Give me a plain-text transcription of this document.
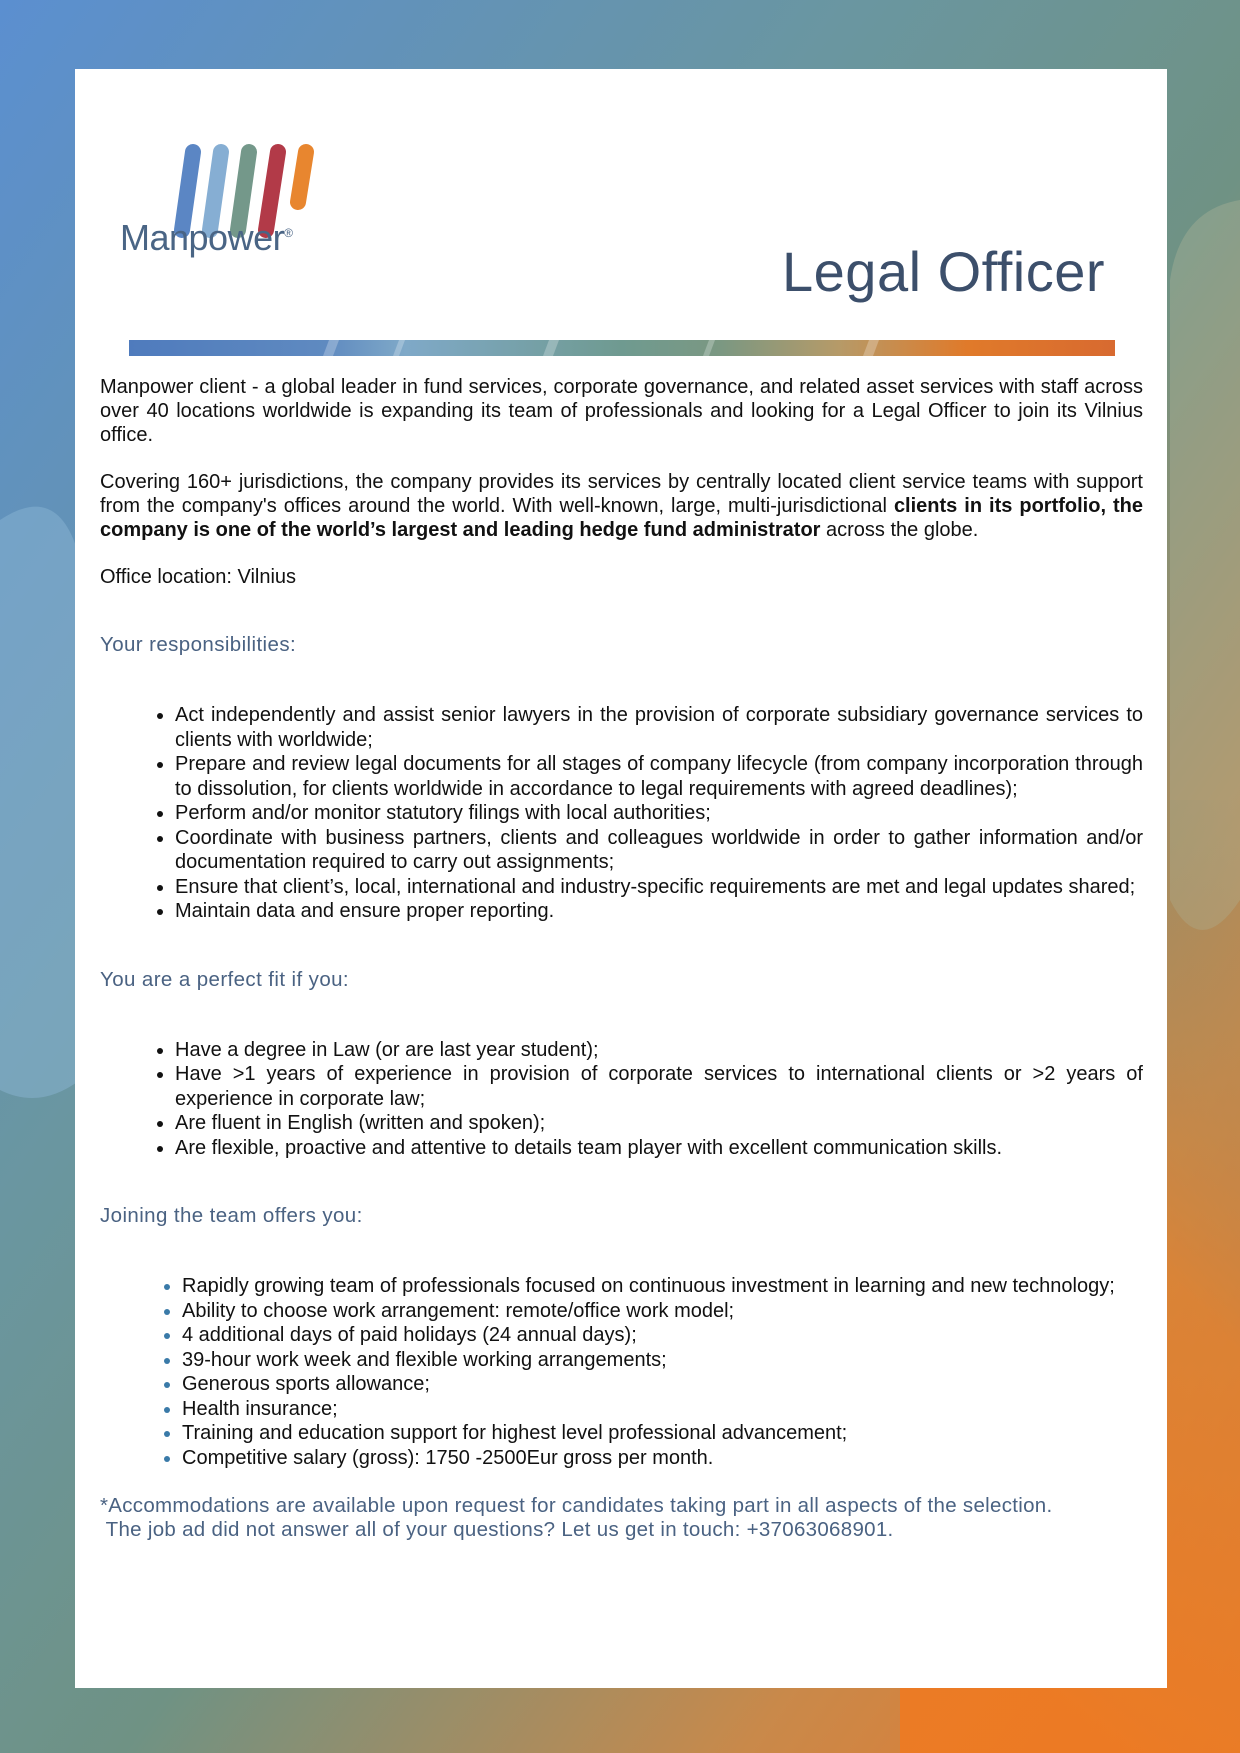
Manpower®
Legal Officer

Manpower client - a global leader in fund services, corporate governance, and related asset services with staff across over 40 locations worldwide is expanding its team of professionals and looking for a Legal Officer to join its Vilnius office.

Covering 160+ jurisdictions, the company provides its services by centrally located client service teams with support from the company's offices around the world. With well-known, large, multi-jurisdictional clients in its portfolio, the company is one of the world’s largest and leading hedge fund administrator across the globe.

Office location: Vilnius

Your responsibilities:
• Act independently and assist senior lawyers in the provision of corporate subsidiary governance services to clients with worldwide;
• Prepare and review legal documents for all stages of company lifecycle (from company incorporation through to dissolution, for clients worldwide in accordance to legal requirements with agreed deadlines);
• Perform and/or monitor statutory filings with local authorities;
• Coordinate with business partners, clients and colleagues worldwide in order to gather information and/or documentation required to carry out assignments;
• Ensure that client’s, local, international and industry-specific requirements are met and legal updates shared;
• Maintain data and ensure proper reporting.
You are a perfect fit if you:
• Have a degree in Law (or are last year student);
• Have >1 years of experience in provision of corporate services to international clients or >2 years of experience in corporate law;
• Are fluent in English (written and spoken);
• Are flexible, proactive and attentive to details team player with excellent communication skills.
Joining the team offers you:
• Rapidly growing team of professionals focused on continuous investment in learning and new technology;
• Ability to choose work arrangement: remote/office work model;
• 4 additional days of paid holidays (24 annual days);
• 39-hour work week and flexible working arrangements;
• Generous sports allowance;
• Health insurance;
• Training and education support for highest level professional advancement;
• Competitive salary (gross): 1750 -2500Eur gross per month.
*Accommodations are available upon request for candidates taking part in all aspects of the selection.
The job ad did not answer all of your questions? Let us get in touch: +37063068901.
